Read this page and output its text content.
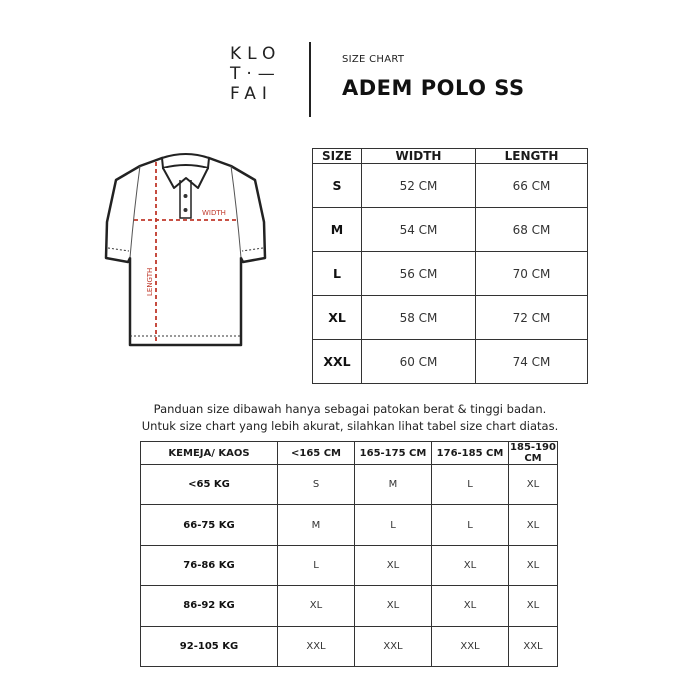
KLO
T·—
FAI
SIZE CHART
ADEM POLO SS
WIDTH
LENGTH
SIZE	WIDTH	LENGTH
S	52 CM	66 CM
M	54 CM	68 CM
L	56 CM	70 CM
XL	58 CM	72 CM
XXL	60 CM	74 CM
Panduan size dibawah hanya sebagai patokan berat & tinggi badan.
Untuk size chart yang lebih akurat, silahkan lihat tabel size chart diatas.
KEMEJA/ KAOS	<165 CM	165-175 CM	176-185 CM	185-190 CM
<65 KG	S	M	L	XL
66-75 KG	M	L	L	XL
76-86 KG	L	XL	XL	XL
86-92 KG	XL	XL	XL	XL
92-105 KG	XXL	XXL	XXL	XXL
